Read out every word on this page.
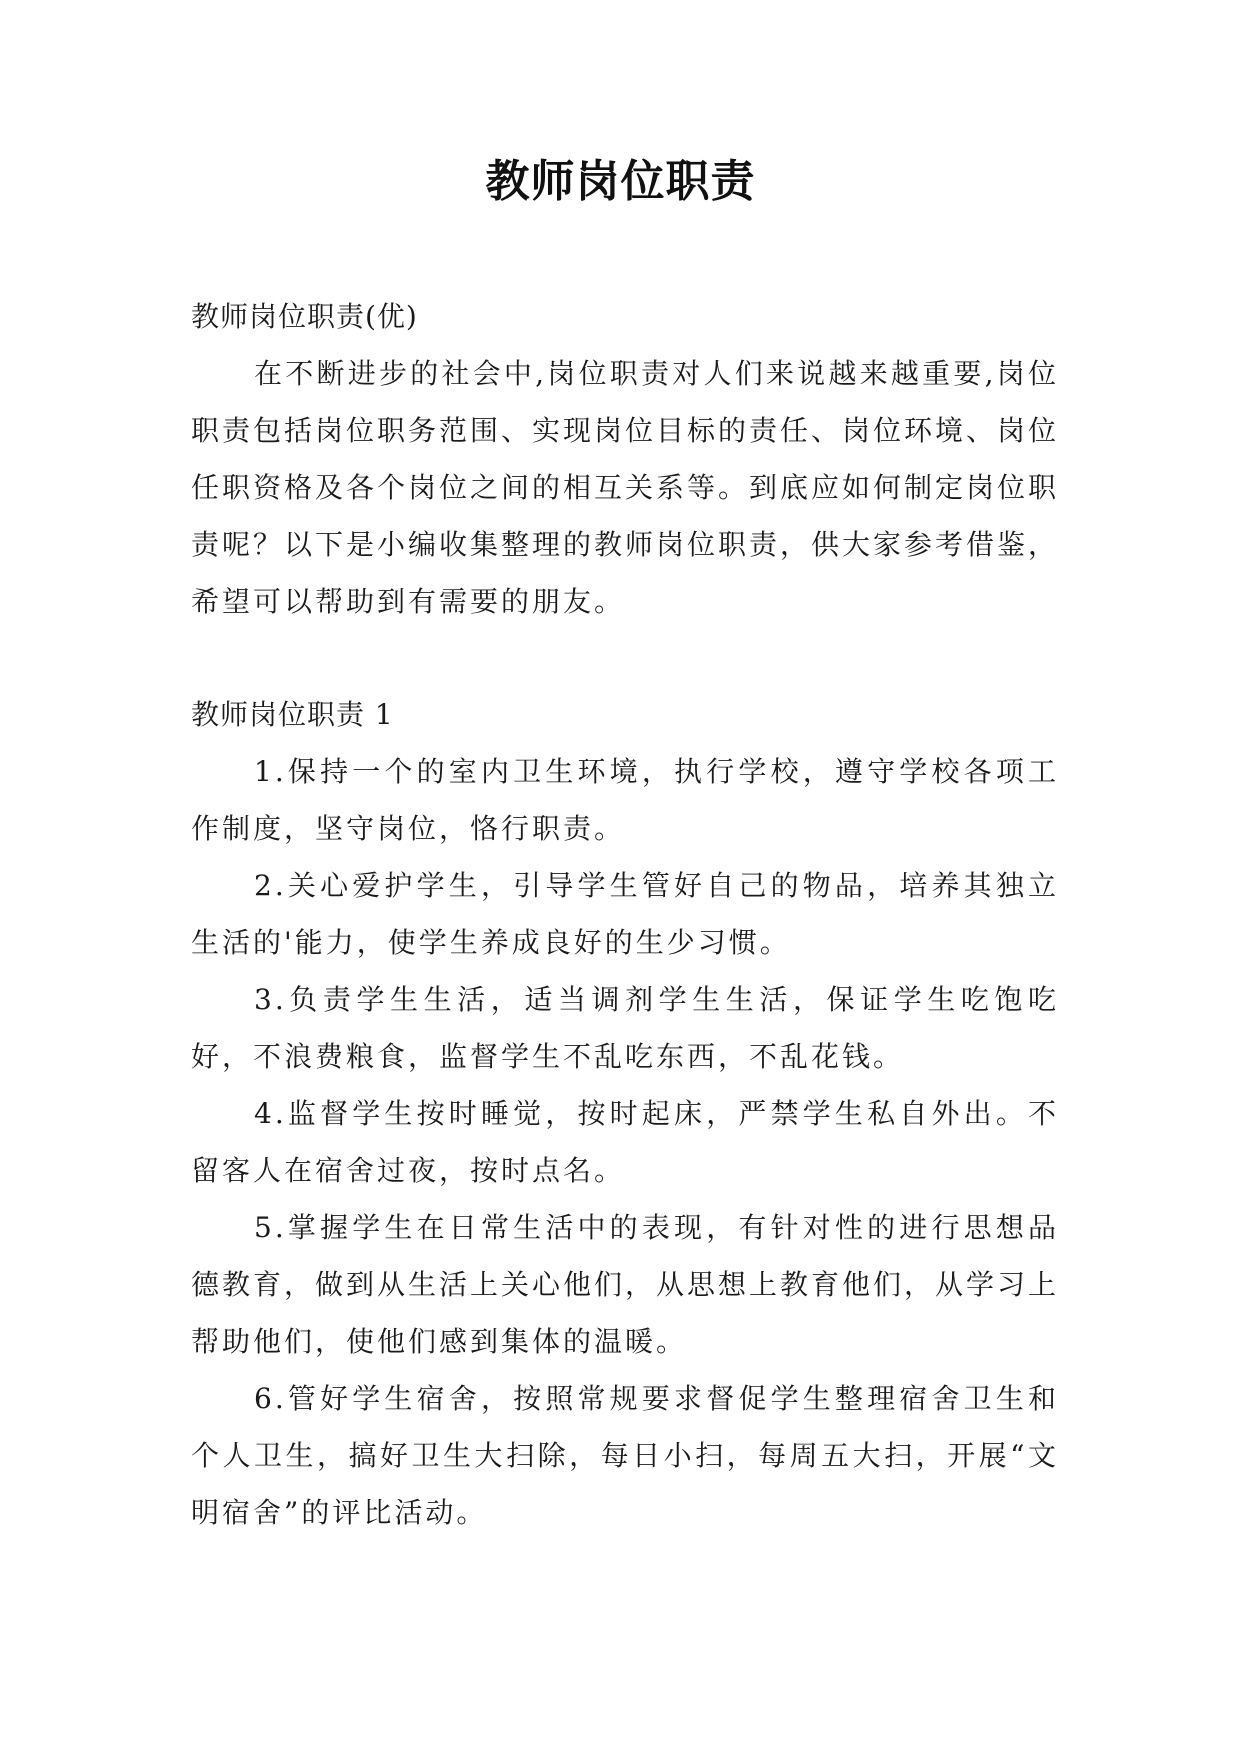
教师岗位职责

教师岗位职责(优)

在不断进步的社会中,岗位职责对人们来说越来越重要,岗位职责包括岗位职务范围、实现岗位目标的责任、岗位环境、岗位任职资格及各个岗位之间的相互关系等。到底应如何制定岗位职责呢？以下是小编收集整理的教师岗位职责，供大家参考借鉴，希望可以帮助到有需要的朋友。

教师岗位职责 1

1.保持一个的室内卫生环境，执行学校，遵守学校各项工作制度，坚守岗位，恪行职责。

2.关心爱护学生，引导学生管好自己的物品，培养其独立生活的'能力，使学生养成良好的生少习惯。

3.负责学生生活，适当调剂学生生活，保证学生吃饱吃好，不浪费粮食，监督学生不乱吃东西，不乱花钱。

4.监督学生按时睡觉，按时起床，严禁学生私自外出。不留客人在宿舍过夜，按时点名。

5.掌握学生在日常生活中的表现，有针对性的进行思想品德教育，做到从生活上关心他们，从思想上教育他们，从学习上帮助他们，使他们感到集体的温暖。

6.管好学生宿舍，按照常规要求督促学生整理宿舍卫生和个人卫生，搞好卫生大扫除，每日小扫，每周五大扫，开展“文明宿舍”的评比活动。
